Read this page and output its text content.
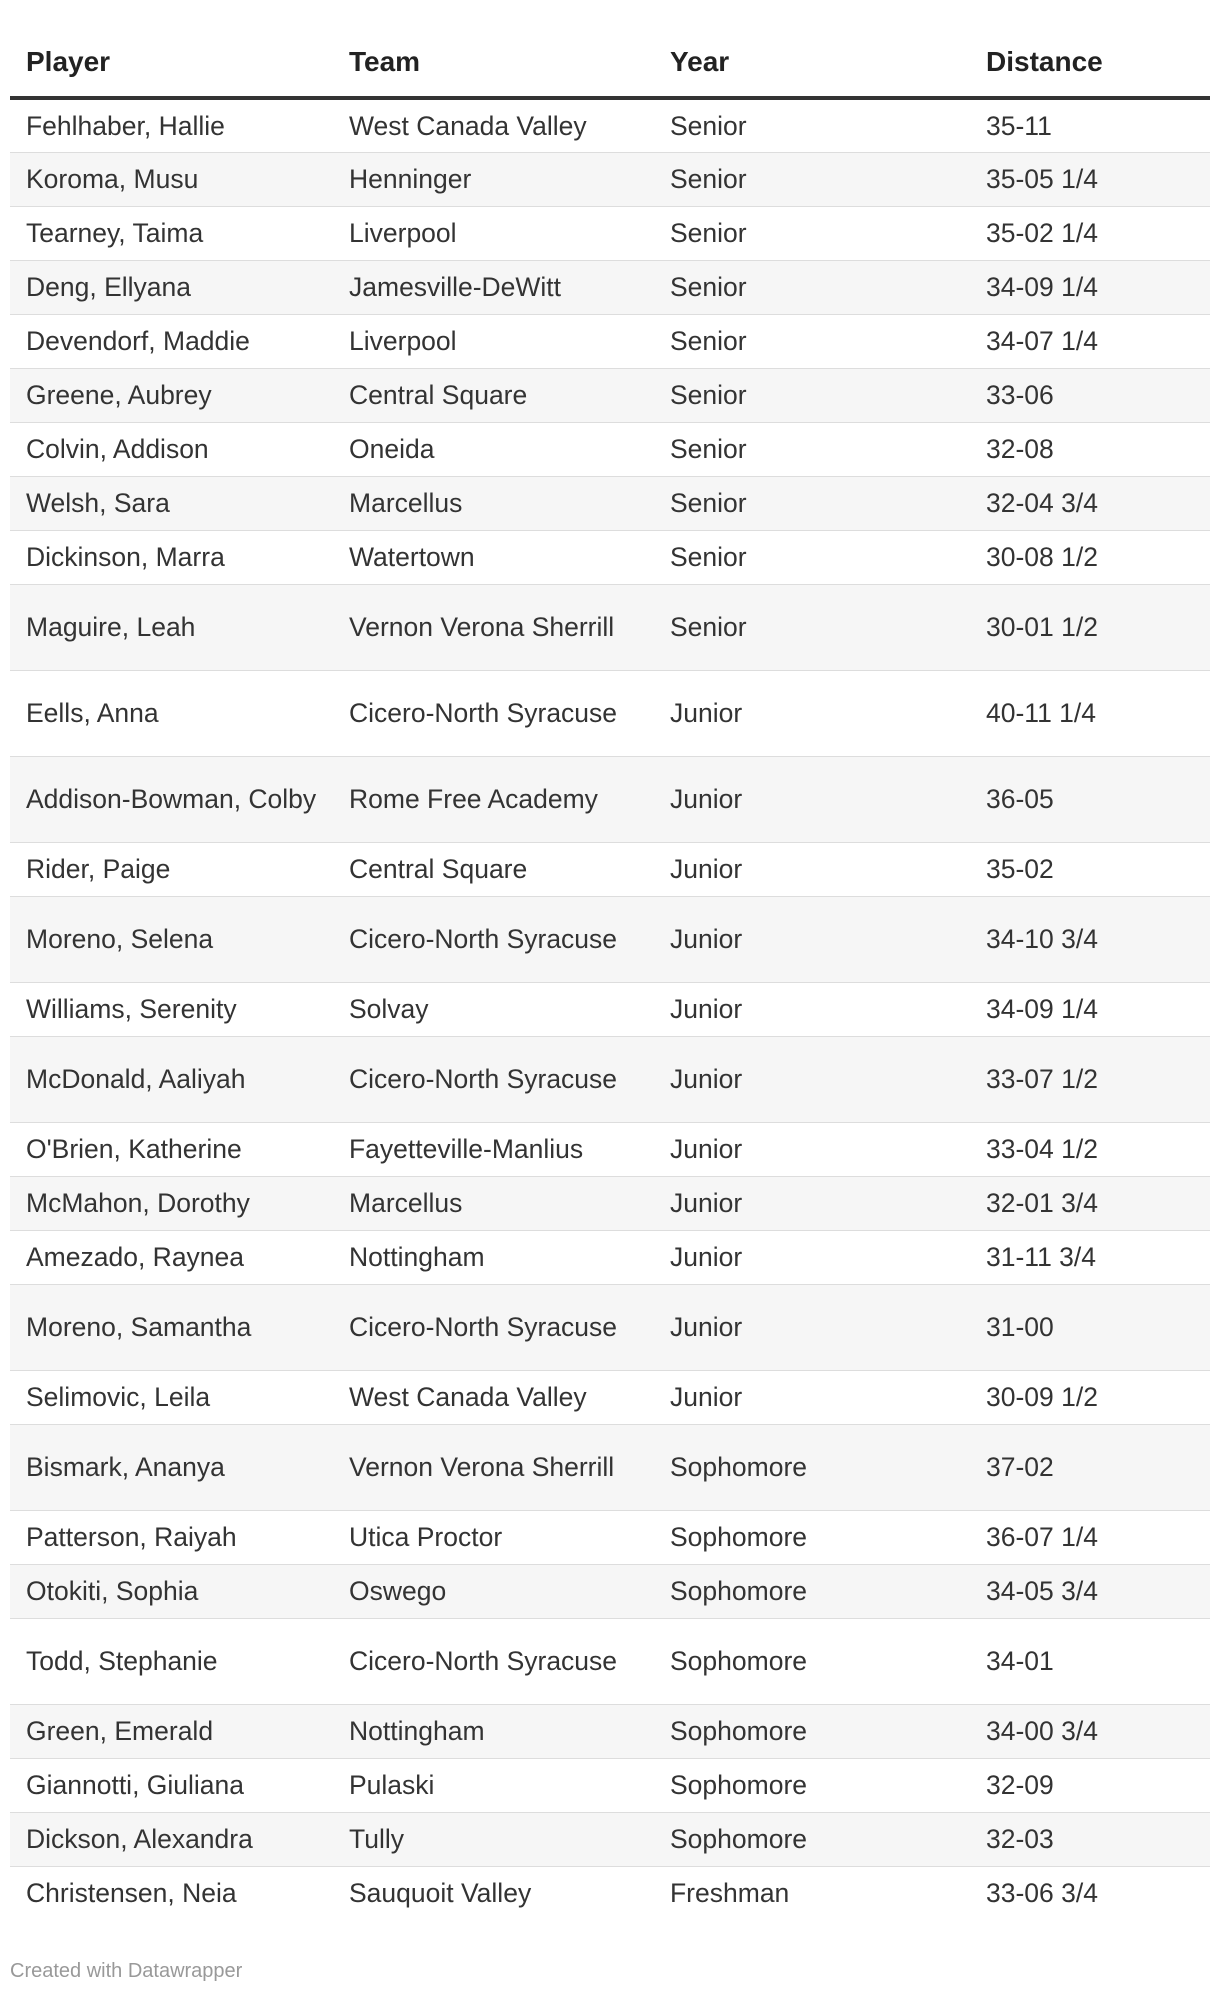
Player	Team	Year	Distance
Fehlhaber, Hallie	West Canada Valley	Senior	35-11
Koroma, Musu	Henninger	Senior	35-05 1/4
Tearney, Taima	Liverpool	Senior	35-02 1/4
Deng, Ellyana	Jamesville-DeWitt	Senior	34-09 1/4
Devendorf, Maddie	Liverpool	Senior	34-07 1/4
Greene, Aubrey	Central Square	Senior	33-06
Colvin, Addison	Oneida	Senior	32-08
Welsh, Sara	Marcellus	Senior	32-04 3/4
Dickinson, Marra	Watertown	Senior	30-08 1/2
Maguire, Leah	Vernon Verona Sherrill	Senior	30-01 1/2
Eells, Anna	Cicero-North Syracuse	Junior	40-11 1/4
Addison-Bowman, Colby	Rome Free Academy	Junior	36-05
Rider, Paige	Central Square	Junior	35-02
Moreno, Selena	Cicero-North Syracuse	Junior	34-10 3/4
Williams, Serenity	Solvay	Junior	34-09 1/4
McDonald, Aaliyah	Cicero-North Syracuse	Junior	33-07 1/2
O'Brien, Katherine	Fayetteville-Manlius	Junior	33-04 1/2
McMahon, Dorothy	Marcellus	Junior	32-01 3/4
Amezado, Raynea	Nottingham	Junior	31-11 3/4
Moreno, Samantha	Cicero-North Syracuse	Junior	31-00
Selimovic, Leila	West Canada Valley	Junior	30-09 1/2
Bismark, Ananya	Vernon Verona Sherrill	Sophomore	37-02
Patterson, Raiyah	Utica Proctor	Sophomore	36-07 1/4
Otokiti, Sophia	Oswego	Sophomore	34-05 3/4
Todd, Stephanie	Cicero-North Syracuse	Sophomore	34-01
Green, Emerald	Nottingham	Sophomore	34-00 3/4
Giannotti, Giuliana	Pulaski	Sophomore	32-09
Dickson, Alexandra	Tully	Sophomore	32-03
Christensen, Neia	Sauquoit Valley	Freshman	33-06 3/4
Created with Datawrapper
